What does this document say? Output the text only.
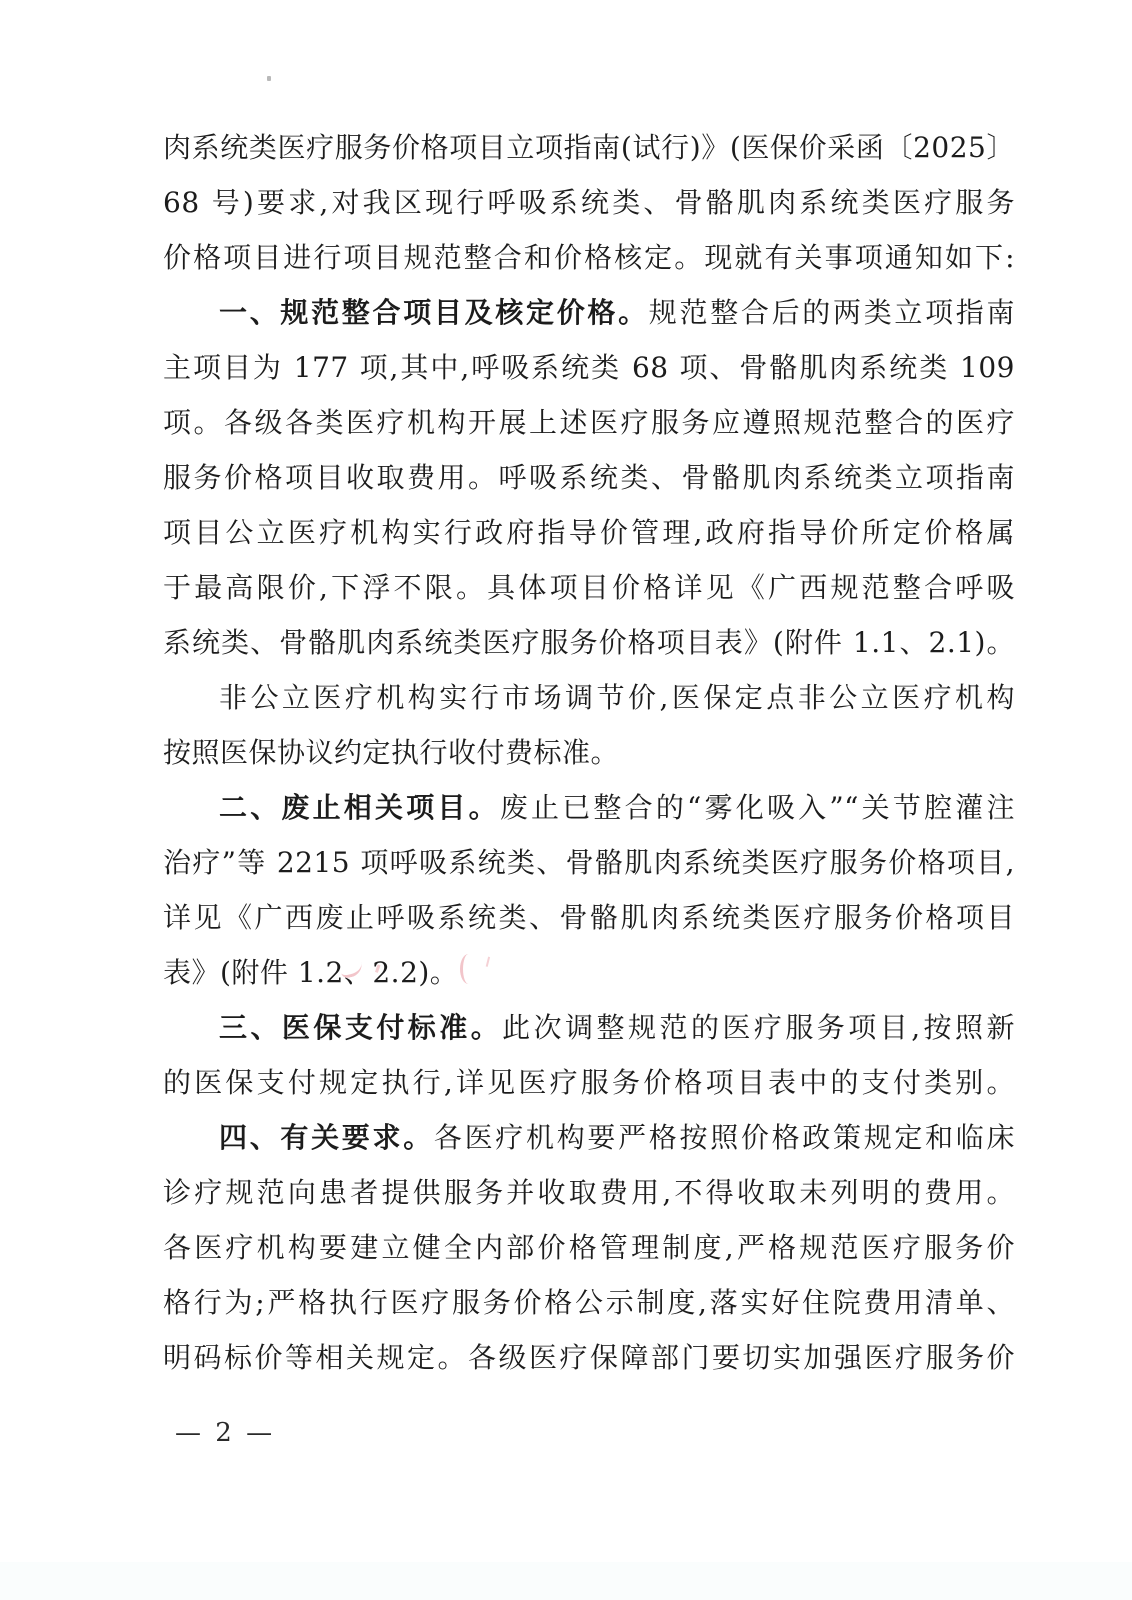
肉系统类医疗服务价格项目立项指南(试行)》(医保价采函〔2025〕
68 号)要求,对我区现行呼吸系统类、骨骼肌肉系统类医疗服务
价格项目进行项目规范整合和价格核定。现就有关事项通知如下:
一、规范整合项目及核定价格。规范整合后的两类立项指南
主项目为 177 项,其中,呼吸系统类 68 项、骨骼肌肉系统类 109
项。各级各类医疗机构开展上述医疗服务应遵照规范整合的医疗
服务价格项目收取费用。呼吸系统类、骨骼肌肉系统类立项指南
项目公立医疗机构实行政府指导价管理,政府指导价所定价格属
于最高限价,下浮不限。具体项目价格详见《广西规范整合呼吸
系统类、骨骼肌肉系统类医疗服务价格项目表》(附件 1.1、2.1)。
非公立医疗机构实行市场调节价,医保定点非公立医疗机构
按照医保协议约定执行收付费标准。
二、废止相关项目。废止已整合的“雾化吸入”“关节腔灌注
治疗”等 2215 项呼吸系统类、骨骼肌肉系统类医疗服务价格项目,
详见《广西废止呼吸系统类、骨骼肌肉系统类医疗服务价格项目
表》(附件 1.2、2.2)。
三、医保支付标准。此次调整规范的医疗服务项目,按照新
的医保支付规定执行,详见医疗服务价格项目表中的支付类别。
四、有关要求。各医疗机构要严格按照价格政策规定和临床
诊疗规范向患者提供服务并收取费用,不得收取未列明的费用。
各医疗机构要建立健全内部价格管理制度,严格规范医疗服务价
格行为;严格执行医疗服务价格公示制度,落实好住院费用清单、
明码标价等相关规定。各级医疗保障部门要切实加强医疗服务价
— 2 —
